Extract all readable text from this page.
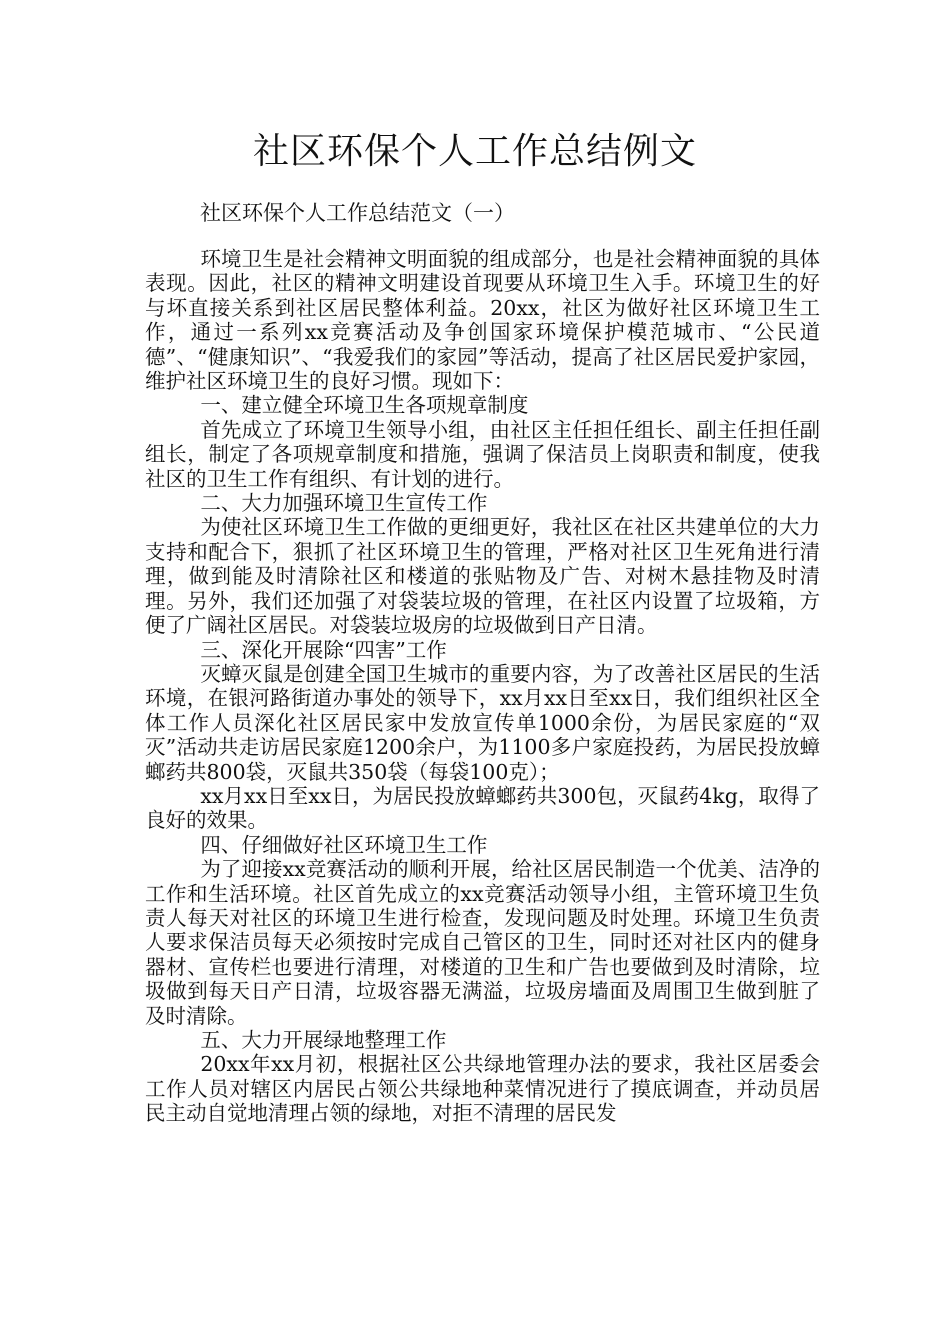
社区环保个人工作总结例文

社区环保个人工作总结范文（一）

环境卫生是社会精神文明面貌的组成部分，也是社会精神面貌的具体表现。因此，社区的精神文明建设首现要从环境卫生入手。环境卫生的好与坏直接关系到社区居民整体利益。20xx，社区为做好社区环境卫生工作，通过一系列xx竞赛活动及争创国家环境保护模范城市、“公民道德”、“健康知识”、“我爱我们的家园”等活动，提高了社区居民爱护家园，维护社区环境卫生的良好习惯。现如下：

一、建立健全环境卫生各项规章制度

首先成立了环境卫生领导小组，由社区主任担任组长、副主任担任副组长，制定了各项规章制度和措施，强调了保洁员上岗职责和制度，使我社区的卫生工作有组织、有计划的进行。

二、大力加强环境卫生宣传工作

为使社区环境卫生工作做的更细更好，我社区在社区共建单位的大力支持和配合下，狠抓了社区环境卫生的管理，严格对社区卫生死角进行清理，做到能及时清除社区和楼道的张贴物及广告、对树木悬挂物及时清理。另外，我们还加强了对袋装垃圾的管理，在社区内设置了垃圾箱，方便了广阔社区居民。对袋装垃圾房的垃圾做到日产日清。

三、深化开展除“四害”工作

灭蟑灭鼠是创建全国卫生城市的重要内容，为了改善社区居民的生活环境，在银河路街道办事处的领导下，xx月xx日至xx日，我们组织社区全体工作人员深化社区居民家中发放宣传单1000余份，为居民家庭的“双灭”活动共走访居民家庭1200余户，为1100多户家庭投药，为居民投放蟑螂药共800袋，灭鼠共350袋（每袋100克）；

xx月xx日至xx日，为居民投放蟑螂药共300包，灭鼠药4kg，取得了良好的效果。

四、仔细做好社区环境卫生工作

为了迎接xx竞赛活动的顺利开展，给社区居民制造一个优美、洁净的工作和生活环境。社区首先成立的xx竞赛活动领导小组，主管环境卫生负责人每天对社区的环境卫生进行检查，发现问题及时处理。环境卫生负责人要求保洁员每天必须按时完成自己管区的卫生，同时还对社区内的健身器材、宣传栏也要进行清理，对楼道的卫生和广告也要做到及时清除，垃圾做到每天日产日清，垃圾容器无满溢，垃圾房墙面及周围卫生做到脏了及时清除。

五、大力开展绿地整理工作

20xx年xx月初，根据社区公共绿地管理办法的要求，我社区居委会工作人员对辖区内居民占领公共绿地种菜情况进行了摸底调查，并动员居民主动自觉地清理占领的绿地，对拒不清理的居民发
